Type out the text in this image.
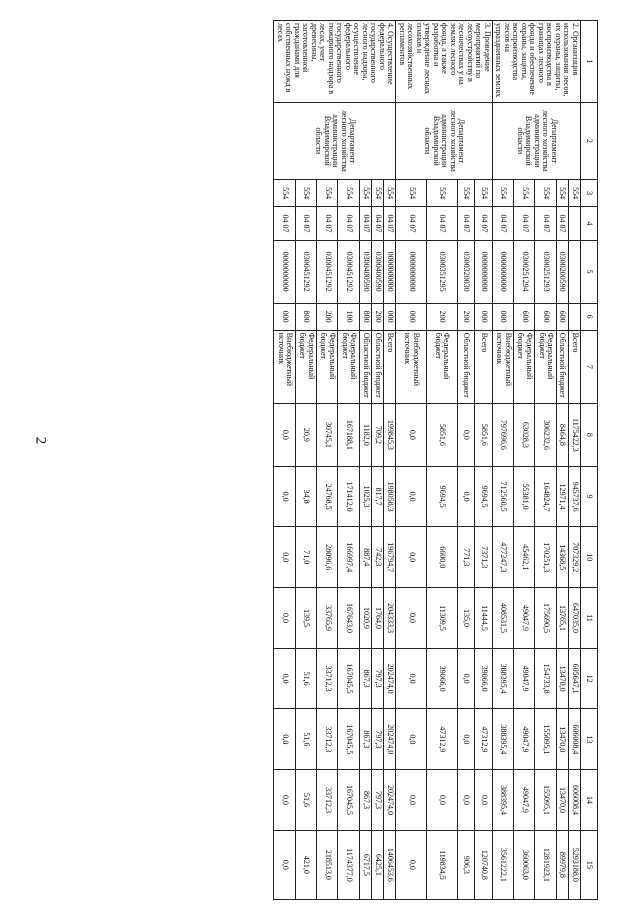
2
1	2	3	4	5	6	7	8	9	10	11	12	13	14	15
2. Организация использования лесов, их охраны, защиты, воспроизводства в границах лесного фонда и обеспечение охраны, защиты, воспроизводства лесов на упраздненных землях	Департамент лесного хозяйства администрации Владимирской области	554				Всего	1175422,3	945737,6	707329,2	647035,0	605647,1	606008,4	606008,4	5293188,0
		554	04 07	0300200590	600	Областной бюджет	8464,8	12971,4	14368,5	13765,1	13470,0	13470,0	13470,0	89979,8
		554	04 07	0300251293	600	Федеральный бюджет	306232,6	164824,7	170251,3	175690,5	154733,8	155095,1	155095,1	1281923,1
		554	04 07	0300251294	600	Федеральный бюджет	63028,3	55381,0	45462,1	49047,9	49047,9	49047,9	49047,9	360063,0
		554	04 07	0000000000	000	Внебюджетный источник	797696,6	712560,5	477247,3	408531,5	388395,4	388395,4	388395,4	3561222,1
3. Проведение мероприятий по лесоустройству в лесничествах у на землях лесного фонда, а также разработка и утверждение лесных планов и лесохозяйственных регламентов	Департамент лесного хозяйства администрации Владимирской области	554	04 07	0000000000	000	Всего	5851,6	9694,5	7371,3	11444,5	39066,0	47312,9	0,0	120740,8
		554	04 07	0300320030	200	Областной бюджет	0,0	0,0	771,3	135,0	0,0	0,0	0,0	906,3
		554	04 07	0300351295	200	Федеральный бюджет	5851,6	9694,5	6600,0	11309,5	39066,0	47312,9	0,0	119834,5
		554	04 07	0000000000	000	Внебюджетный источник	0,0	0,0	0,0	0,0	0,0	0,0	0,0	0,0
4. Осуществление федерального государственного лесного надзора, осуществление федерального государственного пожарного надзора в лесах, учет древесины, заготовленной гражданами для собственных нужд в лесах	Департамент лесного хозяйства администрации Владимирской области	554	04 07	0000000000	000	Всего	199845,3	198058,3	196794,7	204333,3	202474,0	202474,0	202474,0	1406453,6
		554	04 07	0300400590	200	Областной бюджет	709,2	817,7	742,3	1764,0	797,3	797,3	797,3	6425,1
		554	04 07	0300400590	800	Областной бюджет	1182,0	1025,3	887,4	1020,9	867,3	867,3	867,3	6717,5
		554	04 07	0300451292	100	Федеральный бюджет	167188,1	171412,0	166997,4	167643,0	167045,5	167045,5	167045,5	1174377,0
		554	04 07	0300451292	200	Федеральный бюджет	30745,1	24768,5	28096,6	33765,9	33712,3	33712,3	33712,3	218513,0
		554	04 07	0300451292	800	Федеральный бюджет	20,9	34,8	71,0	139,5	51,6	51,6	51,6	421,0
		554	04 07	0000000000	000	Внебюджетный источник	0,0	0,0	0,0	0,0	0,0	0,0	0,0	0,0
